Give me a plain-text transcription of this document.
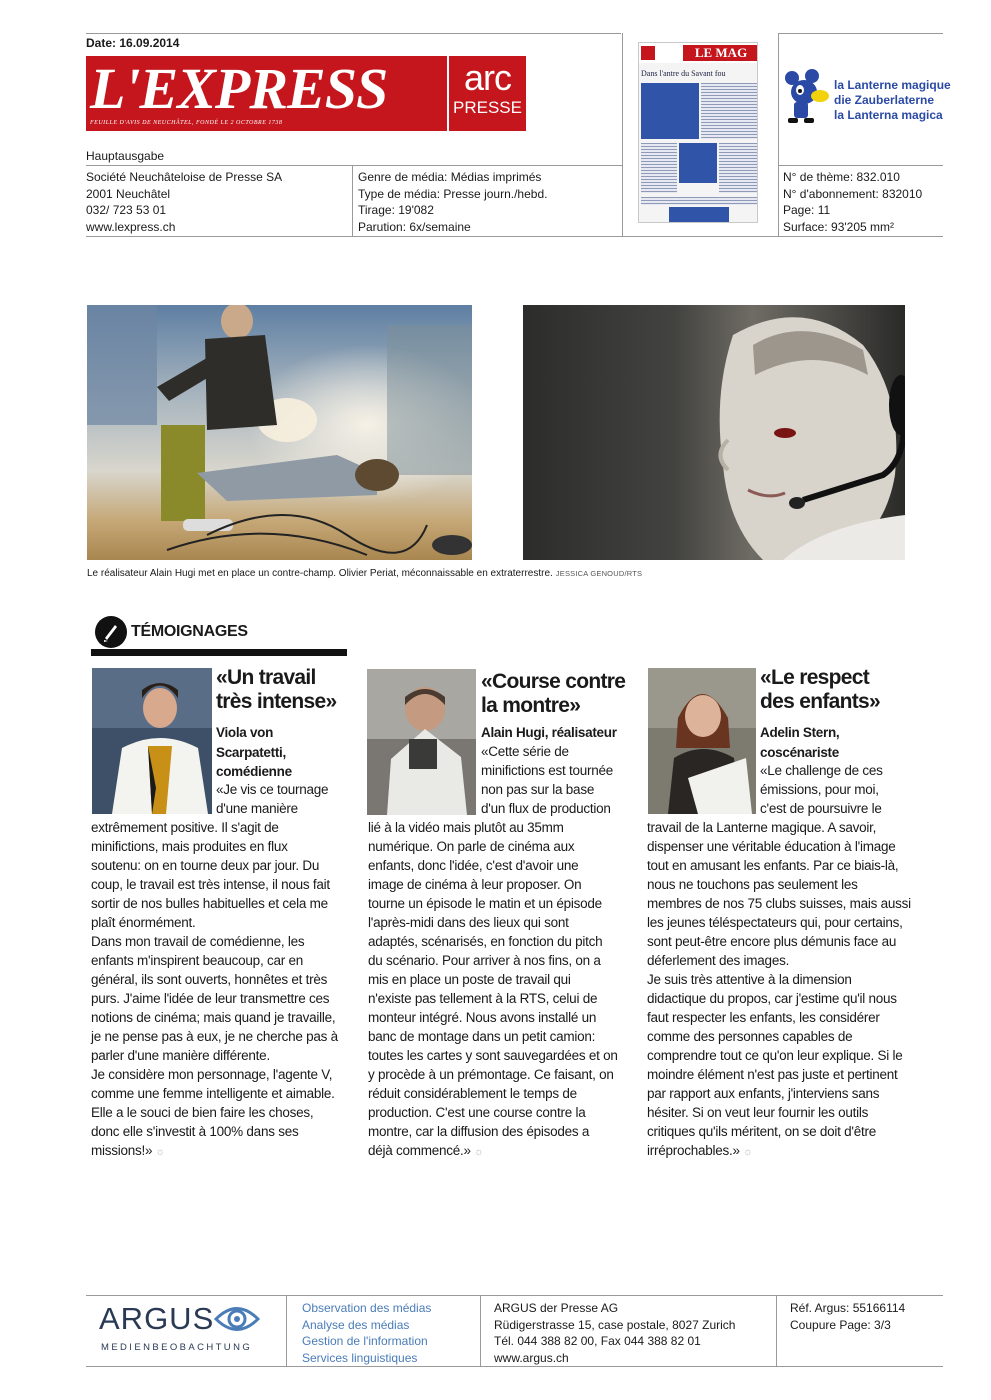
Date: 16.09.2014
L'EXPRESS
FEUILLE D'AVIS DE NEUCHÂTEL, FONDÉ LE 2 OCTOBRE 1738
arc
PRESSE
LE MAG
Dans l'antre du Savant fou
la Lanterne magique
die Zauberlaterne
la Lanterna magica
Hauptausgabe
Société Neuchâteloise de Presse SA
2001 Neuchâtel
032/ 723 53 01
www.lexpress.ch
Genre de média: Médias imprimés
Type de média: Presse journ./hebd.
Tirage: 19'082
Parution: 6x/semaine
N° de thème: 832.010
N° d'abonnement: 832010
Page: 11
Surface: 93'205 mm²
Le réalisateur Alain Hugi met en place un contre-champ. Olivier Periat, méconnaissable en extraterrestre. JESSICA GENOUD/RTS
TÉMOIGNAGES
«Un travail
très intense»
Viola von
Scarpatetti,
comédienne
«Je vis ce tournage
d'une manière
extrêmement positive. Il s'agit de
minifictions, mais produites en flux
soutenu: on en tourne deux par jour. Du
coup, le travail est très intense, il nous fait
sortir de nos bulles habituelles et cela me
plaît énormément.
Dans mon travail de comédienne, les
enfants m'inspirent beaucoup, car en
général, ils sont ouverts, honnêtes et très
purs. J'aime l'idée de leur transmettre ces
notions de cinéma; mais quand je travaille,
je ne pense pas à eux, je ne cherche pas à
parler d'une manière différente.
Je considère mon personnage, l'agente V,
comme une femme intelligente et aimable.
Elle a le souci de bien faire les choses,
donc elle s'investit à 100% dans ses
missions!» ☼
«Course contre
la montre»
Alain Hugi, réalisateur
«Cette série de
minifictions est tournée
non pas sur la base
d'un flux de production
lié à la vidéo mais plutôt au 35mm
numérique. On parle de cinéma aux
enfants, donc l'idée, c'est d'avoir une
image de cinéma à leur proposer. On
tourne un épisode le matin et un épisode
l'après-midi dans des lieux qui sont
adaptés, scénarisés, en fonction du pitch
du scénario. Pour arriver à nos fins, on a
mis en place un poste de travail qui
n'existe pas tellement à la RTS, celui de
monteur intégré. Nous avons installé un
banc de montage dans un petit camion:
toutes les cartes y sont sauvegardées et on
y procède à un prémontage. Ce faisant, on
réduit considérablement le temps de
production. C'est une course contre la
montre, car la diffusion des épisodes a
déjà commencé.» ☼
«Le respect
des enfants»
Adelin Stern,
coscénariste
«Le challenge de ces
émissions, pour moi,
c'est de poursuivre le
travail de la Lanterne magique. A savoir,
dispenser une véritable éducation à l'image
tout en amusant les enfants. Par ce biais-là,
nous ne touchons pas seulement les
membres de nos 75 clubs suisses, mais aussi
les jeunes téléspectateurs qui, pour certains,
sont peut-être encore plus démunis face au
déferlement des images.
Je suis très attentive à la dimension
didactique du propos, car j'estime qu'il nous
faut respecter les enfants, les considérer
comme des personnes capables de
comprendre tout ce qu'on leur explique. Si le
moindre élément n'est pas juste et pertinent
par rapport aux enfants, j'interviens sans
hésiter. Si on veut leur fournir les outils
critiques qu'ils méritent, on se doit d'être
irréprochables.» ☼
ARGUS
MEDIENBEOBACHTUNG
Observation des médias
Analyse des médias
Gestion de l'information
Services linguistiques
ARGUS der Presse AG
Rüdigerstrasse 15, case postale, 8027 Zurich
Tél. 044 388 82 00, Fax 044 388 82 01
www.argus.ch
Réf. Argus: 55166114
Coupure Page: 3/3
